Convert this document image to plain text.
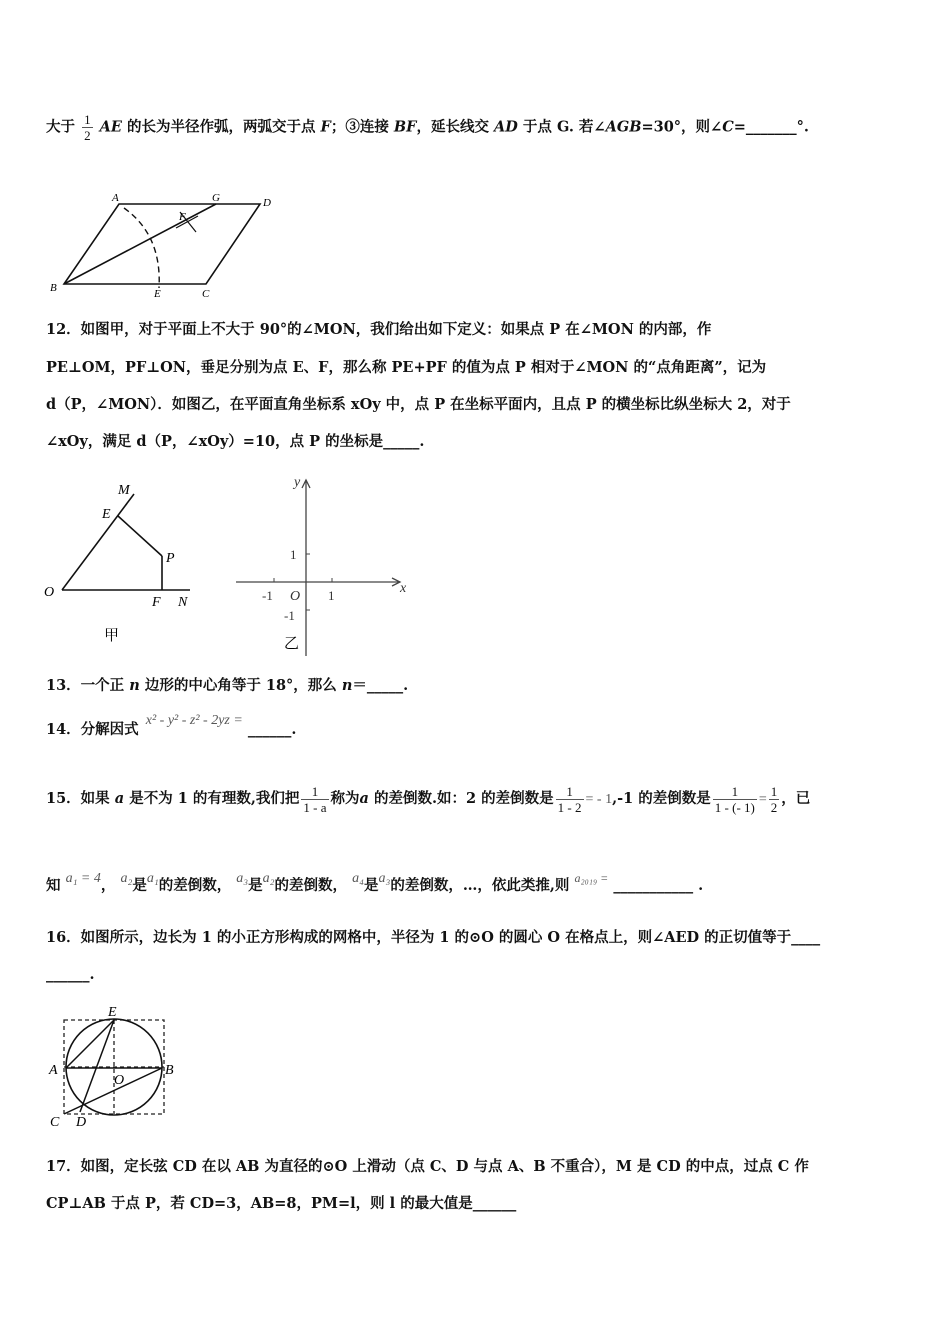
大于 $\frac{1}{2}$ AE 的长为半径作弧，两弧交于点 F；③连接 BF，延长线交 AD 于点 G. 若∠AGB=30°，则∠C=_______°.
A	G	D
F
B	E	C
12．如图甲，对于平面上不大于 90°的∠MON，我们给出如下定义：如果点 P 在∠MON 的内部，作
PE⊥OM，PF⊥ON，垂足分别为点 E、F，那么称 PE+PF 的值为点 P 相对于∠MON 的“点角距离”，记为
d（P，∠MON）．如图乙，在平面直角坐标系 xOy 中，点 P 在坐标平面内，且点 P 的横坐标比纵坐标大 2，对于
∠xOy，满足 d（P，∠xOy）=10，点 P 的坐标是_____.
M
E
P
O
F N
甲
y
x
1
-1 O 1
-1
乙
13．一个正 n 边形的中心角等于 18°，那么 n＝_____.
14．分解因式 x² - y² - z² - 2yz = ______.
15．如果 a 是不为 1 的有理数,我们把 $\frac{1}{1 - a}$ 称为a 的差倒数.如：2 的差倒数是 $\frac{1}{1 - 2}$ = - 1,-1 的差倒数是 $\frac{1}{1 - (- 1)} = \frac{1}{2}$ ，已
知 a₁ = 4， a₂是a₁的差倒数， a₃是a₂的差倒数， a₄是a₃的差倒数，…，依此类推,则 $^{a_{2019} =}$ ___________ .
16．如图所示，边长为 1 的小正方形构成的网格中，半径为 1 的⊙O 的圆心 O 在格点上，则∠AED 的正切值等于____
______.
E
A	B
O
C D
17．如图，定长弦 CD 在以 AB 为直径的⊙O 上滑动（点 C、D 与点 A、B 不重合），M 是 CD 的中点，过点 C 作
CP⊥AB 于点 P，若 CD=3，AB=8，PM=l，则 l 的最大值是______
